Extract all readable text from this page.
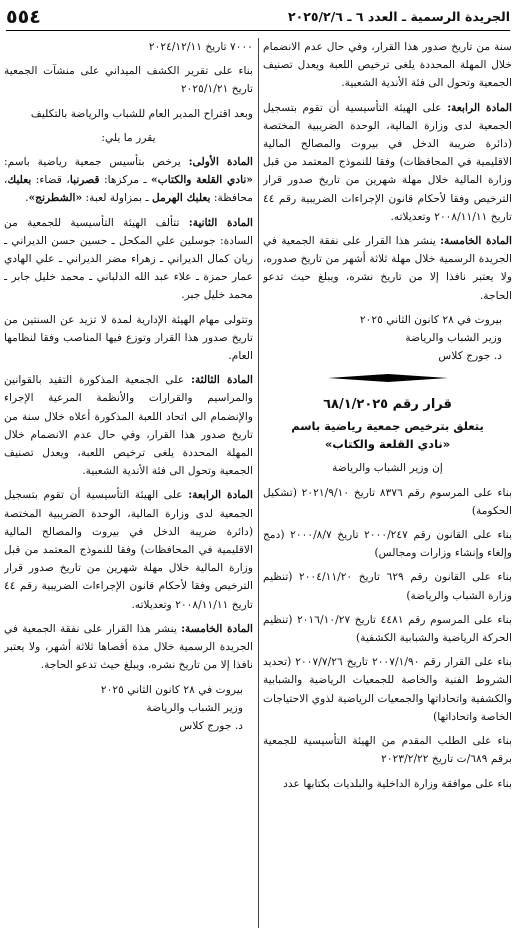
٥٥٤	الجريدة الرسمية ـ العدد ٦ ـ ٢٠٢٥/٢/٦

سنة من تاريخ صدور هذا القرار، وفي حال عدم الانضمام خلال المهلة المحددة يلغى ترخيص اللعبة ويعدل تصنيف الجمعية وتحول الى فئة الأندية الشعبية.

المادة الرابعة: على الهيئة التأسيسية أن تقوم بتسجيل الجمعية لدى وزارة المالية، الوحدة الضريبية المختصة (دائرة ضريبة الدخل في بيروت والمصالح المالية الاقليمية في المحافظات) وفقا للنموذج المعتمد من قبل وزارة المالية خلال مهلة شهرين من تاريخ صدور قرار الترخيص وفقا لأحكام قانون الإجراءات الضريبية رقم ٤٤ تاريخ ٢٠٠٨/١١/١١ وتعديلاته.

المادة الخامسة: ينشر هذا القرار على نفقة الجمعية في الجريدة الرسمية خلال مهلة ثلاثة أشهر من تاريخ صدوره، ولا يعتبر نافذا إلا من تاريخ نشره، ويبلغ حيث تدعو الحاجة.

بيروت في ٢٨ كانون الثاني ٢٠٢٥

وزير الشباب والرياضة

د. جورج كلاس

قرار رقم ٦٨/١/٢٠٢٥
يتعلق بترخيص جمعية رياضية باسم
«نادي القلعة والكتاب»

إن وزير الشباب والرياضة

بناء على المرسوم رقم ٨٣٧٦ تاريخ ٢٠٢١/٩/١٠ (تشكيل الحكومة)

بناء على القانون رقم ٢٠٠٠/٢٤٧ تاريخ ٢٠٠٠/٨/٧ (دمج وإلغاء وإنشاء وزارات ومجالس)

بناء على القانون رقم ٦٢٩ تاريخ ٢٠٠٤/١١/٢٠ (تنظيم وزارة الشباب والرياضة)

بناء على المرسوم رقم ٤٤٨١ تاريخ ٢٠١٦/١٠/٢٧ (تنظيم الحركة الرياضية والشبابية الكشفية)

بناء على القرار رقم ٢٠٠٧/١/٩٠ تاريخ ٢٠٠٧/٧/٢٦ (تحديد الشروط الفنية والخاصة للجمعيات الرياضية والشبابية والكشفية واتحاداتها والجمعيات الرياضية لذوي الاحتياجات الخاصة واتحاداتها)

بناء على الطلب المقدم من الهيئة التأسيسية للجمعية برقم ٦٨٩/ت تاريخ ٢٠٢٣/٢/٢٢

بناء على موافقة وزارة الداخلية والبلديات بكتابها عدد

٧٠٠٠ تاريخ ٢٠٢٤/١٢/١١

بناء على تقرير الكشف الميداني على منشآت الجمعية تاريخ ٢٠٢٥/١/٢١

وبعد اقتراح المدير العام للشباب والرياضة بالتكليف

يقرر ما يلي:

المادة الأولى: يرخص بتأسيس جمعية رياضية باسم: «نادي القلعة والكتاب» ـ مركزها: قصرنبا، قضاء: بعلبك، محافظة: بعلبك الهرمل ـ بمزاولة لعبة: «الشطرنج».

المادة الثانية: تتألف الهيئة التأسيسية للجمعية من السادة: جوسلين علي المكحل ـ حسين حسن الديراني ـ ريان كمال الديراني ـ زهراء مضر الديراني ـ علي الهادي عمار حمزة ـ علاء عبد الله الدلباني ـ محمد خليل جابر ـ محمد خليل جبر.

وتتولى مهام الهيئة الإدارية لمدة لا تزيد عن السنتين من تاريخ صدور هذا القرار وتوزع فيها المناصب وفقا لنظامها العام.

المادة الثالثة: على الجمعية المذكورة التقيد بالقوانين والمراسيم والقرارات والأنظمة المرعية الإجراء والإنضمام الى اتحاد اللعبة المذكورة أعلاه خلال سنة من تاريخ صدور هذا القرار، وفي حال عدم الانضمام خلال المهلة المحددة يلغى ترخيص اللعبة، ويعدل تصنيف الجمعية وتحول الى فئة الأندية الشعبية.

المادة الرابعة: على الهيئة التأسيسية أن تقوم بتسجيل الجمعية لدى وزارة المالية، الوحدة الضريبية المختصة (دائرة ضريبة الدخل في بيروت والمصالح المالية الاقليمية في المحافظات) وفقا للنموذج المعتمد من قبل وزارة المالية خلال مهلة شهرين من تاريخ صدور قرار الترخيص وفقا لأحكام قانون الإجراءات الضريبية رقم ٤٤ تاريخ ٢٠٠٨/١١/١١ وتعديلاته.

المادة الخامسة: ينشر هذا القرار على نفقة الجمعية في الجريدة الرسمية خلال مدة أقصاها ثلاثة أشهر، ولا يعتبر نافذا إلا من تاريخ نشره، ويبلغ حيث تدعو الحاجة.

بيروت في ٢٨ كانون الثاني ٢٠٢٥

وزير الشباب والرياضة

د. جورج كلاس
